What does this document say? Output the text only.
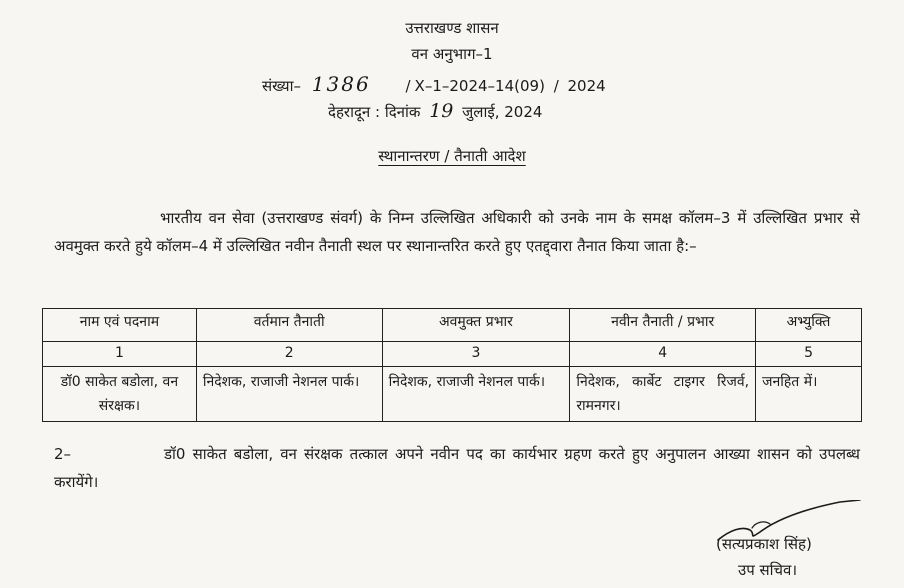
उत्तराखण्ड शासन
वन अनुभाग–1
संख्या– 1386 / X–1–2024–14(09) / 2024
देहरादून : दिनांक 19 जुलाई, 2024
स्थानान्तरण / तैनाती आदेश
भारतीय वन सेवा (उत्तराखण्ड संवर्ग) के निम्न उल्लिखित अधिकारी को उनके नाम के समक्ष कॉलम–3 में उल्लिखित प्रभार से अवमुक्त करते हुये कॉलम–4 में उल्लिखित नवीन तैनाती स्थल पर स्थानान्तरित करते हुए एतद्द्वारा तैनात किया जाता है:–
नाम एवं पदनाम	वर्तमान तैनाती	अवमुक्त प्रभार	नवीन तैनाती / प्रभार	अभ्युक्ति
1	2	3	4	5
डॉ0 साकेत बडोला, वन संरक्षक।	निदेशक, राजाजी नेशनल पार्क।	निदेशक, राजाजी नेशनल पार्क।	निदेशक, कार्बेट टाइगर रिजर्व, रामनगर।	जनहित में।
2–	डॉ0 साकेत बडोला, वन संरक्षक तत्काल अपने नवीन पद का कार्यभार ग्रहण करते हुए अनुपालन आख्या शासन को उपलब्ध करायेंगे।
(सत्यप्रकाश सिंह)
उप सचिव।
